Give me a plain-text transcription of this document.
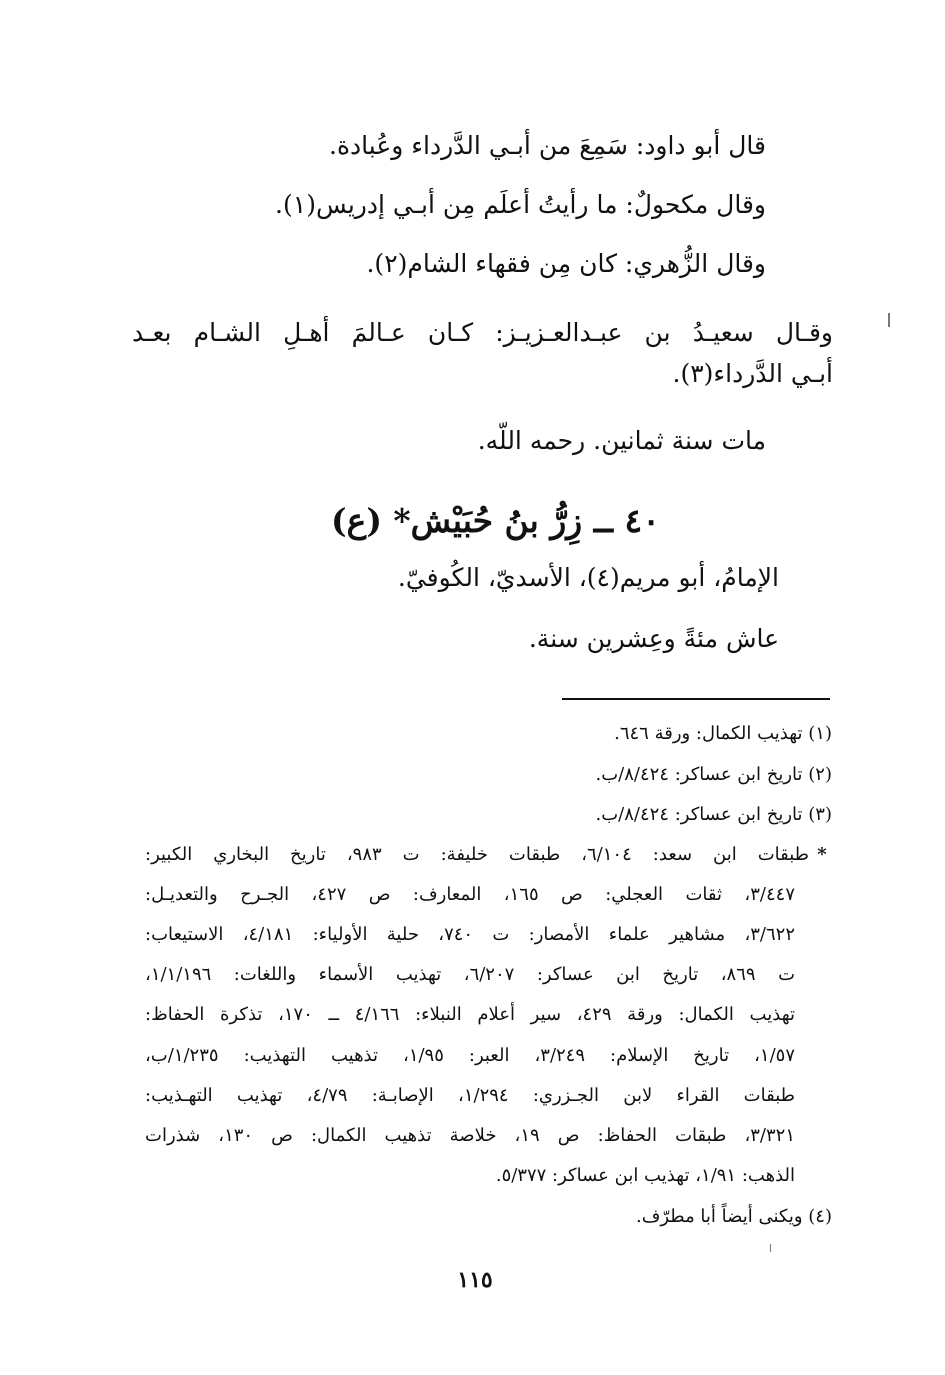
قال أبو داود: سَمِعَ من أبـي الدَّرداء وعُبادة.
وقال مكحولٌ: ما رأيتُ أعلَم مِن أبـي إدريس(١).
وقال الزُّهري: كان مِن فقهاء الشام(٢).
وقـال سعيـدُ بن عبـدالعـزيـز: كـان عـالمَ أهـلِ الشـام بعـد
أبـي الدَّرداء(٣).
مات سنة ثمانين. رحمه اللّه.
٤٠ ــ زِرُّ بنُ حُبَيْش* (ع)
الإمامُ، أبو مريم(٤)، الأسديّ، الكُوفيّ.
عاش مئةً وعِشرين سنة.
(١) تهذيب الكمال: ورقة ٦٤٦.
(٢) تاريخ ابن عساكر: ٨/٤٢٤/ب.
(٣) تاريخ ابن عساكر: ٨/٤٢٤/ب.
*
طبقات ابن سعد: ٦/١٠٤، طبقات خليفة: ت ٩٨٣، تاريخ البخاري الكبير:
٣/٤٤٧، ثقات العجلي: ص ١٦٥، المعارف: ص ٤٢٧، الجـرح والتعديـل:
٣/٦٢٢، مشاهير علماء الأمصار: ت ٧٤٠، حلية الأولياء: ٤/١٨١، الاستيعاب:
ت ٨٦٩، تاريخ ابن عساكر: ٦/٢٠٧، تهذيب الأسماء واللغات: ١/١/١٩٦،
تهذيب الكمال: ورقة ٤٢٩، سير أعلام النبلاء: ٤/١٦٦ ــ ١٧٠، تذكرة الحفاظ:
١/٥٧، تاريخ الإسلام: ٣/٢٤٩، العبر: ١/٩٥، تذهيب التهذيب: ١/٢٣٥/ب،
طبقات القراء لابن الجـزري: ١/٢٩٤، الإصابـة: ٤/٧٩، تهذيب التهـذيب:
٣/٣٢١، طبقات الحفاظ: ص ١٩، خلاصة تذهيب الكمال: ص ١٣٠، شذرات
الذهب: ١/٩١، تهذيب ابن عساكر: ٥/٣٧٧.
(٤) ويكنى أيضاً أبا مطرّف.
١١٥
